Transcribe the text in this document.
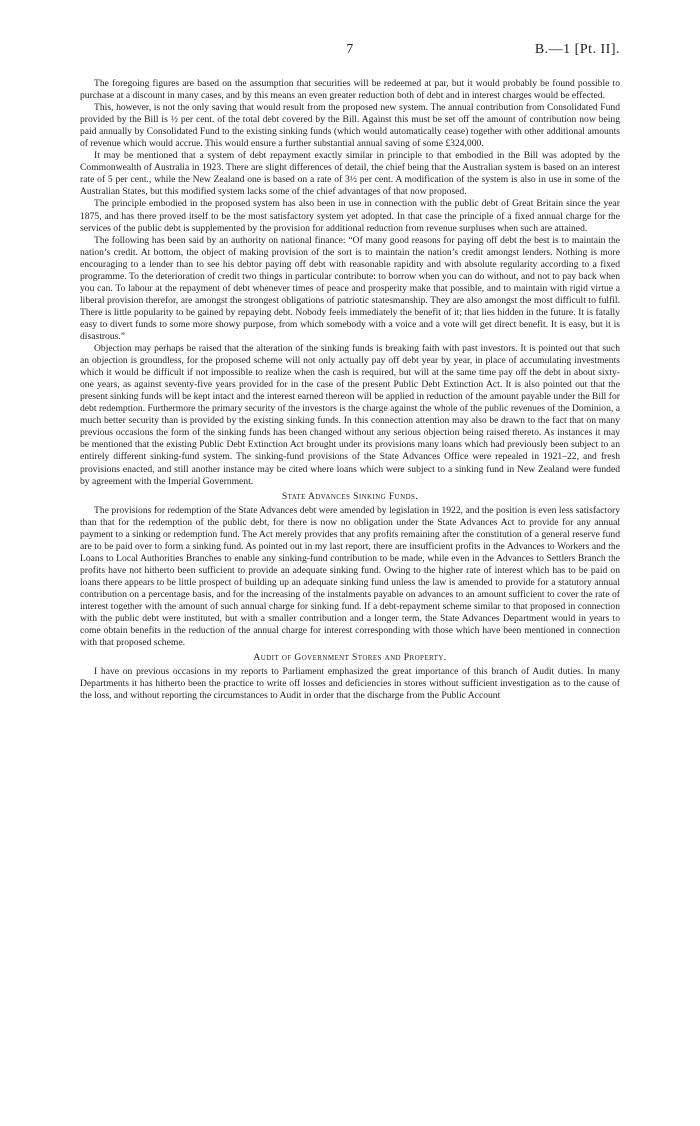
7	B.—1 [Pt. II].

The foregoing figures are based on the assumption that securities will be redeemed at par, but it would probably be found possible to purchase at a discount in many cases, and by this means an even greater reduction both of debt and in interest charges would be effected.

This, however, is not the only saving that would result from the proposed new system. The annual contribution from Consolidated Fund provided by the Bill is ½ per cent. of the total debt covered by the Bill. Against this must be set off the amount of contribution now being paid annually by Consolidated Fund to the existing sinking funds (which would automatically cease) together with other additional amounts of revenue which would accrue. This would ensure a further substantial annual saving of some £324,000.

It may be mentioned that a system of debt repayment exactly similar in principle to that embodied in the Bill was adopted by the Commonwealth of Australia in 1923. There are slight differences of detail, the chief being that the Australian system is based on an interest rate of 5 per cent., while the New Zealand one is based on a rate of 3½ per cent. A modification of the system is also in use in some of the Australian States, but this modified system lacks some of the chief advantages of that now proposed.

The principle embodied in the proposed system has also been in use in connection with the public debt of Great Britain since the year 1875, and has there proved itself to be the most satisfactory system yet adopted. In that case the principle of a fixed annual charge for the services of the public debt is supplemented by the provision for additional reduction from revenue surpluses when such are attained.

The following has been said by an authority on national finance: “Of many good reasons for paying off debt the best is to maintain the nation’s credit. At bottom, the object of making provision of the sort is to maintain the nation’s credit amongst lenders. Nothing is more encouraging to a lender than to see his debtor paying off debt with reasonable rapidity and with absolute regularity according to a fixed programme. To the deterioration of credit two things in particular contribute: to borrow when you can do without, and not to pay back when you can. To labour at the repayment of debt whenever times of peace and prosperity make that possible, and to maintain with rigid virtue a liberal provision therefor, are amongst the strongest obligations of patriotic statesmanship. They are also amongst the most difficult to fulfil. There is little popularity to be gained by repaying debt. Nobody feels immediately the benefit of it; that lies hidden in the future. It is fatally easy to divert funds to some more showy purpose, from which somebody with a voice and a vote will get direct benefit. It is easy, but it is disastrous.”

Objection may perhaps be raised that the alteration of the sinking funds is breaking faith with past investors. It is pointed out that such an objection is groundless, for the proposed scheme will not only actually pay off debt year by year, in place of accumulating investments which it would be difficult if not impossible to realize when the cash is required, but will at the same time pay off the debt in about sixty-one years, as against seventy-five years provided for in the case of the present Public Debt Extinction Act. It is also pointed out that the present sinking funds will be kept intact and the interest earned thereon will be applied in reduction of the amount payable under the Bill for debt redemption. Furthermore the primary security of the investors is the charge against the whole of the public revenues of the Dominion, a much better security than is provided by the existing sinking funds. In this connection attention may also be drawn to the fact that on many previous occasions the form of the sinking funds has been changed without any serious objection being raised thereto. As instances it may be mentioned that the existing Public Debt Extinction Act brought under its provisions many loans which had previously been subject to an entirely different sinking-fund system. The sinking-fund provisions of the State Advances Office were repealed in 1921–22, and fresh provisions enacted, and still another instance may be cited where loans which were subject to a sinking fund in New Zealand were funded by agreement with the Imperial Government.

State Advances Sinking Funds.

The provisions for redemption of the State Advances debt were amended by legislation in 1922, and the position is even less satisfactory than that for the redemption of the public debt, for there is now no obligation under the State Advances Act to provide for any annual payment to a sinking or redemption fund. The Act merely provides that any profits remaining after the constitution of a general reserve fund are to be paid over to form a sinking fund. As pointed out in my last report, there are insufficient profits in the Advances to Workers and the Loans to Local Authorities Branches to enable any sinking-fund contribution to be made, while even in the Advances to Settlers Branch the profits have not hitherto been sufficient to provide an adequate sinking fund. Owing to the higher rate of interest which has to be paid on loans there appears to be little prospect of building up an adequate sinking fund unless the law is amended to provide for a statutory annual contribution on a percentage basis, and for the increasing of the instalments payable on advances to an amount sufficient to cover the rate of interest together with the amount of such annual charge for sinking fund. If a debt-repayment scheme similar to that proposed in connection with the public debt were instituted, but with a smaller contribution and a longer term, the State Advances Department would in years to come obtain benefits in the reduction of the annual charge for interest corresponding with those which have been mentioned in connection with that proposed scheme.

Audit of Government Stores and Property.

I have on previous occasions in my reports to Parliament emphasized the great importance of this branch of Audit duties. In many Departments it has hitherto been the practice to write off losses and deficiencies in stores without sufficient investigation as to the cause of the loss, and without reporting the circumstances to Audit in order that the discharge from the Public Account
